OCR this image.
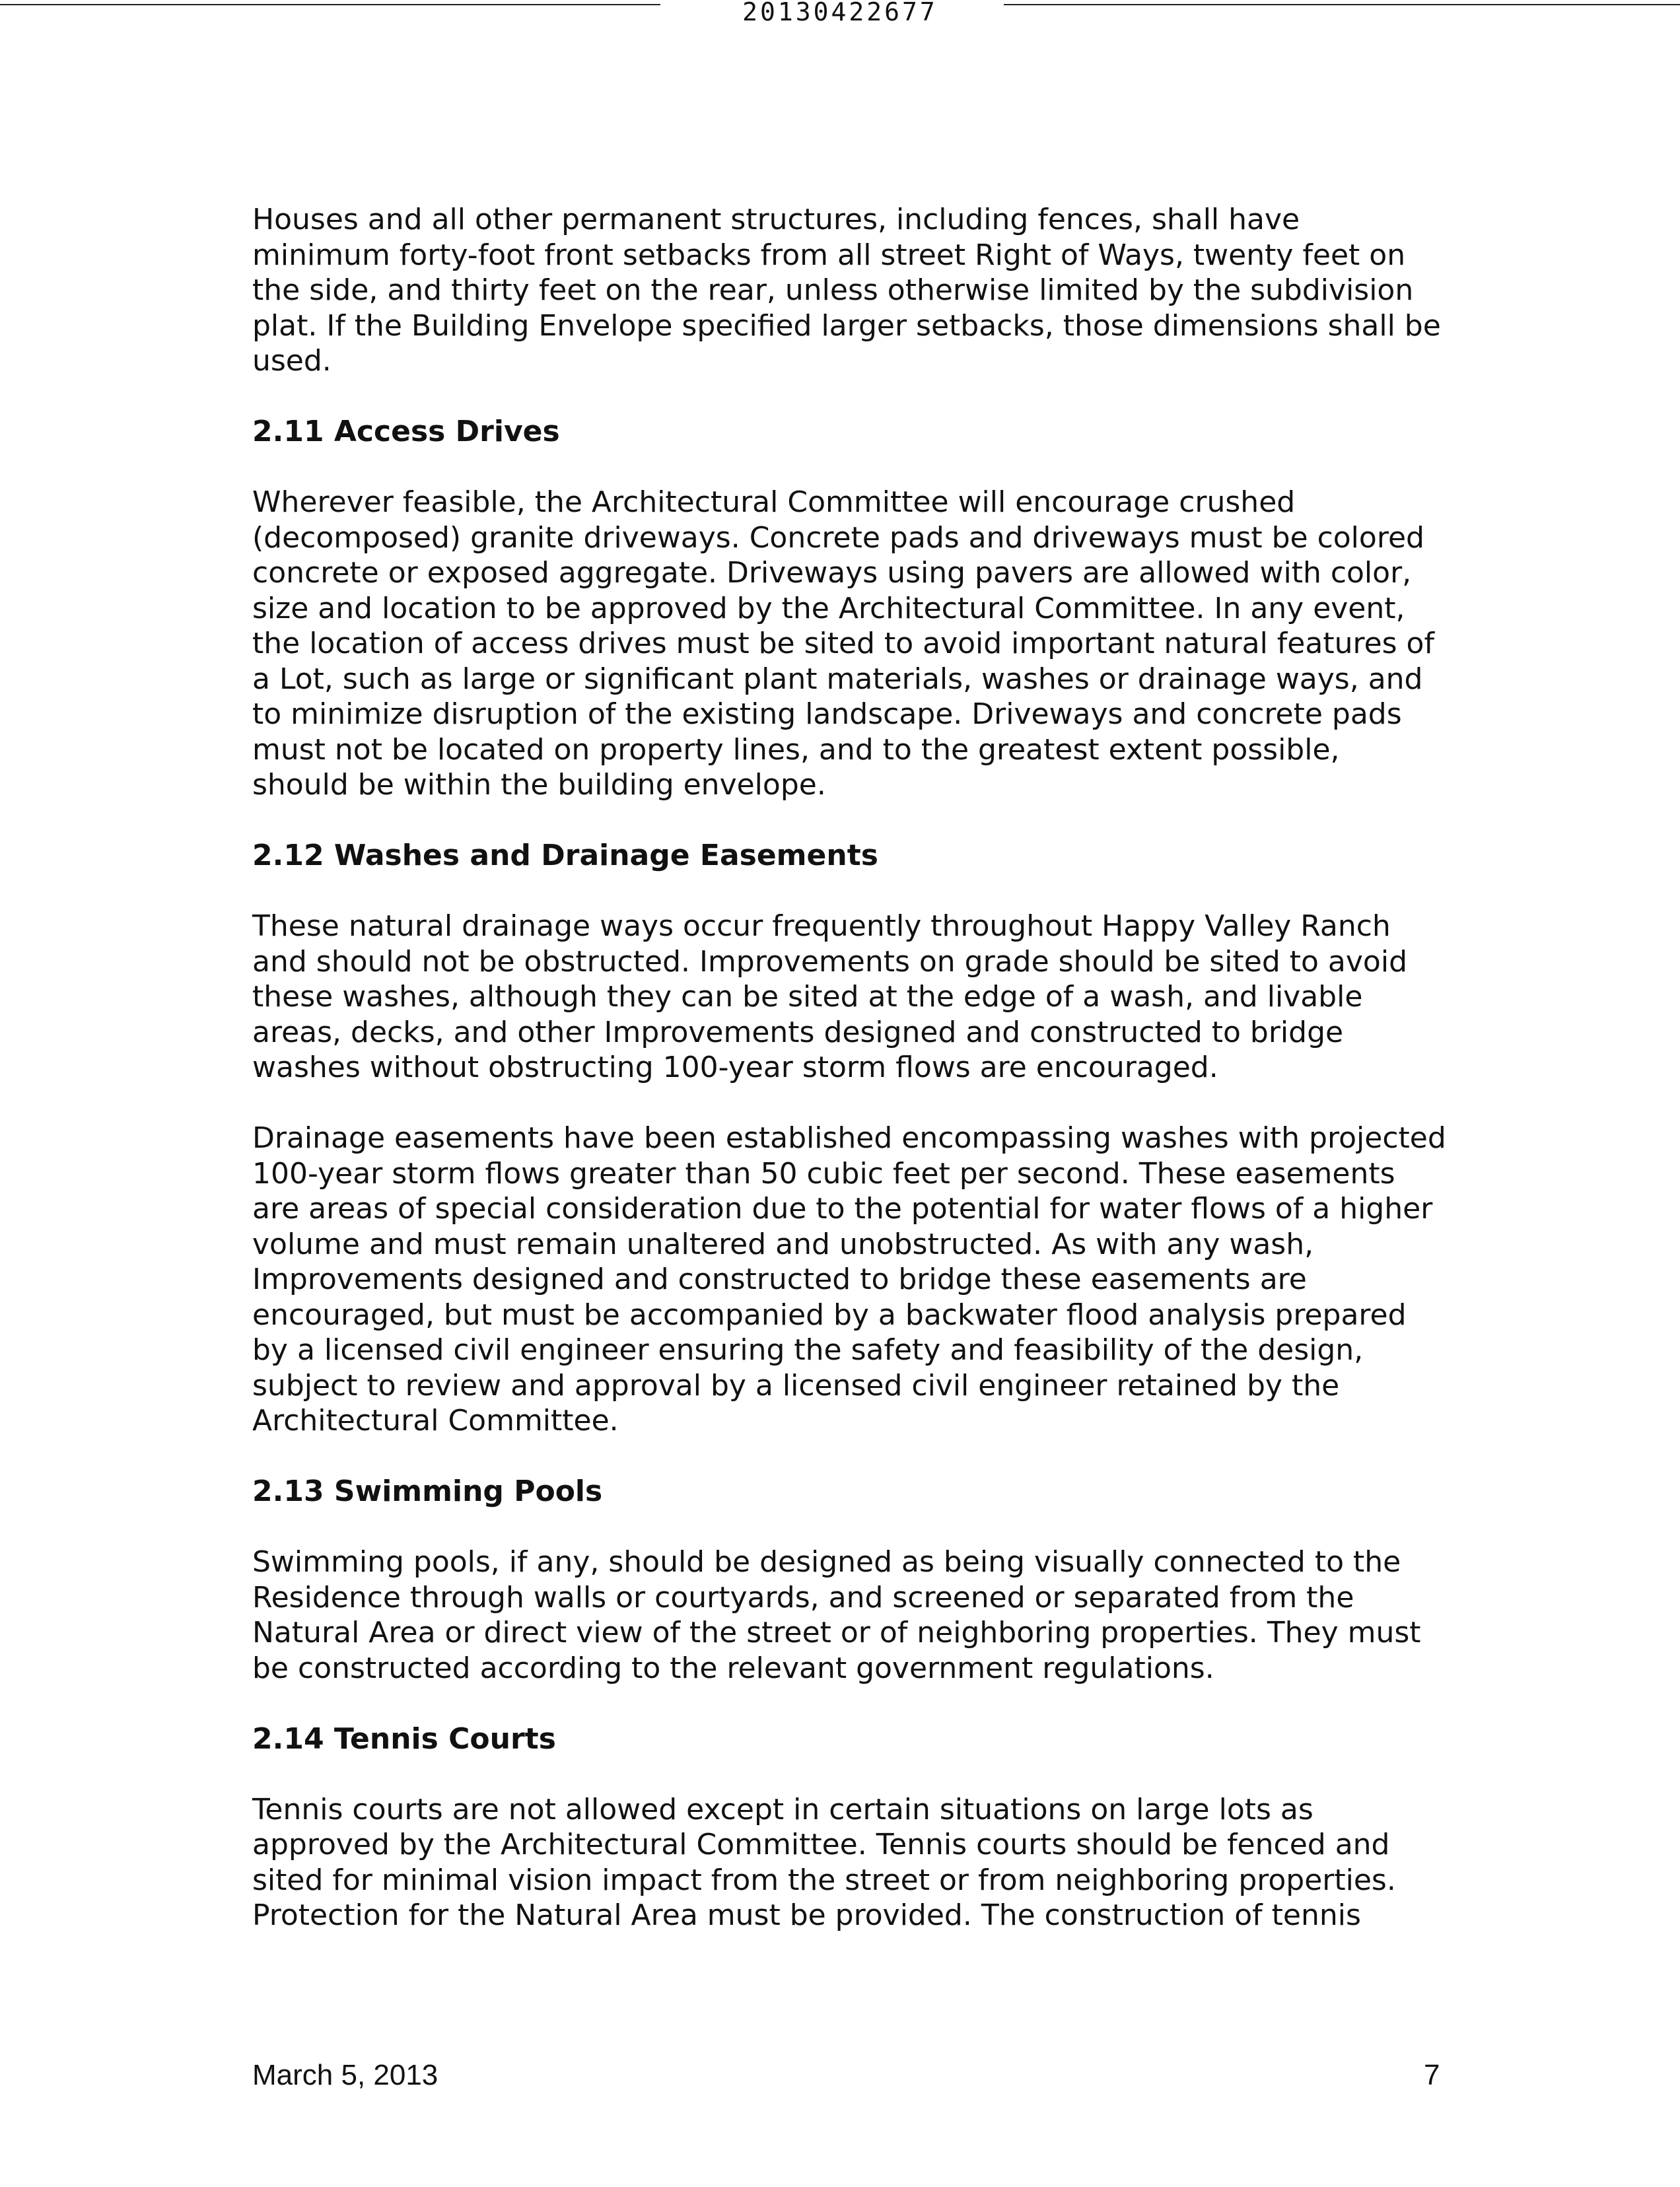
20130422677

Houses and all other permanent structures, including fences, shall have
minimum forty-foot front setbacks from all street Right of Ways, twenty feet on
the side, and thirty feet on the rear, unless otherwise limited by the subdivision
plat. If the Building Envelope specified larger setbacks, those dimensions shall be
used.

2.11 Access Drives

Wherever feasible, the Architectural Committee will encourage crushed
(decomposed) granite driveways. Concrete pads and driveways must be colored
concrete or exposed aggregate. Driveways using pavers are allowed with color,
size and location to be approved by the Architectural Committee. In any event,
the location of access drives must be sited to avoid important natural features of
a Lot, such as large or significant plant materials, washes or drainage ways, and
to minimize disruption of the existing landscape. Driveways and concrete pads
must not be located on property lines, and to the greatest extent possible,
should be within the building envelope.

2.12 Washes and Drainage Easements

These natural drainage ways occur frequently throughout Happy Valley Ranch
and should not be obstructed. Improvements on grade should be sited to avoid
these washes, although they can be sited at the edge of a wash, and livable
areas, decks, and other Improvements designed and constructed to bridge
washes without obstructing 100-year storm flows are encouraged.

Drainage easements have been established encompassing washes with projected
100-year storm flows greater than 50 cubic feet per second. These easements
are areas of special consideration due to the potential for water flows of a higher
volume and must remain unaltered and unobstructed. As with any wash,
Improvements designed and constructed to bridge these easements are
encouraged, but must be accompanied by a backwater flood analysis prepared
by a licensed civil engineer ensuring the safety and feasibility of the design,
subject to review and approval by a licensed civil engineer retained by the
Architectural Committee.

2.13 Swimming Pools

Swimming pools, if any, should be designed as being visually connected to the
Residence through walls or courtyards, and screened or separated from the
Natural Area or direct view of the street or of neighboring properties. They must
be constructed according to the relevant government regulations.

2.14 Tennis Courts

Tennis courts are not allowed except in certain situations on large lots as
approved by the Architectural Committee. Tennis courts should be fenced and
sited for minimal vision impact from the street or from neighboring properties.
Protection for the Natural Area must be provided. The construction of tennis

March 5, 2013	7
